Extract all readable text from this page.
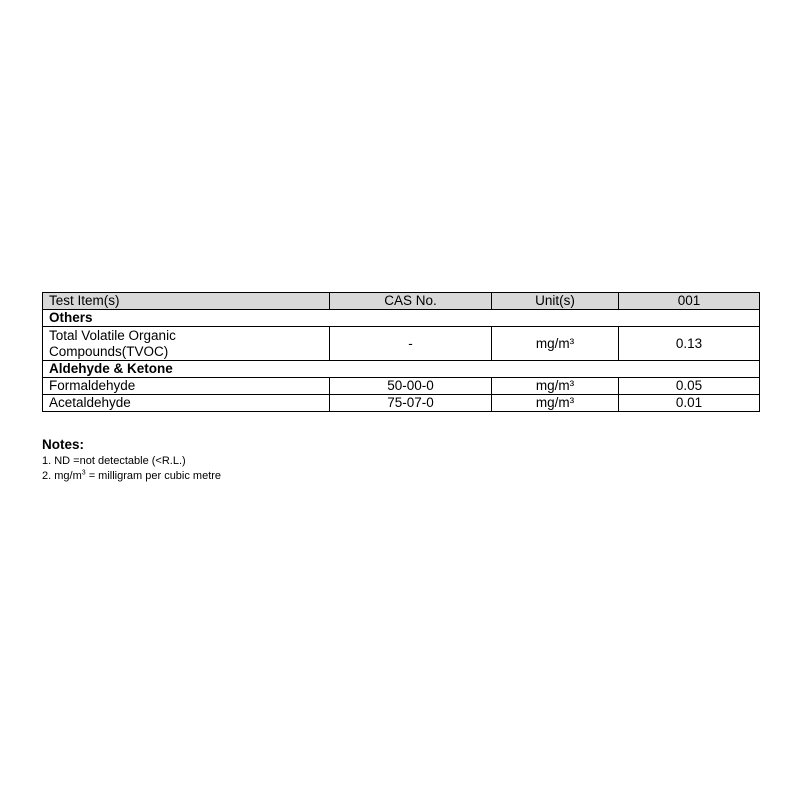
Test Item(s)	CAS No.	Unit(s)	001
Others			

Total Volatile Organic
Compounds(TVOC)	-	mg/m³	0.13
Aldehyde & Ketone			
Formaldehyde	50-00-0	mg/m³	0.05
Acetaldehyde	75-07-0	mg/m³	0.01
Notes:
1. ND =not detectable (<R.L.)
2. $mg/m^3$ = milligram per cubic metre
